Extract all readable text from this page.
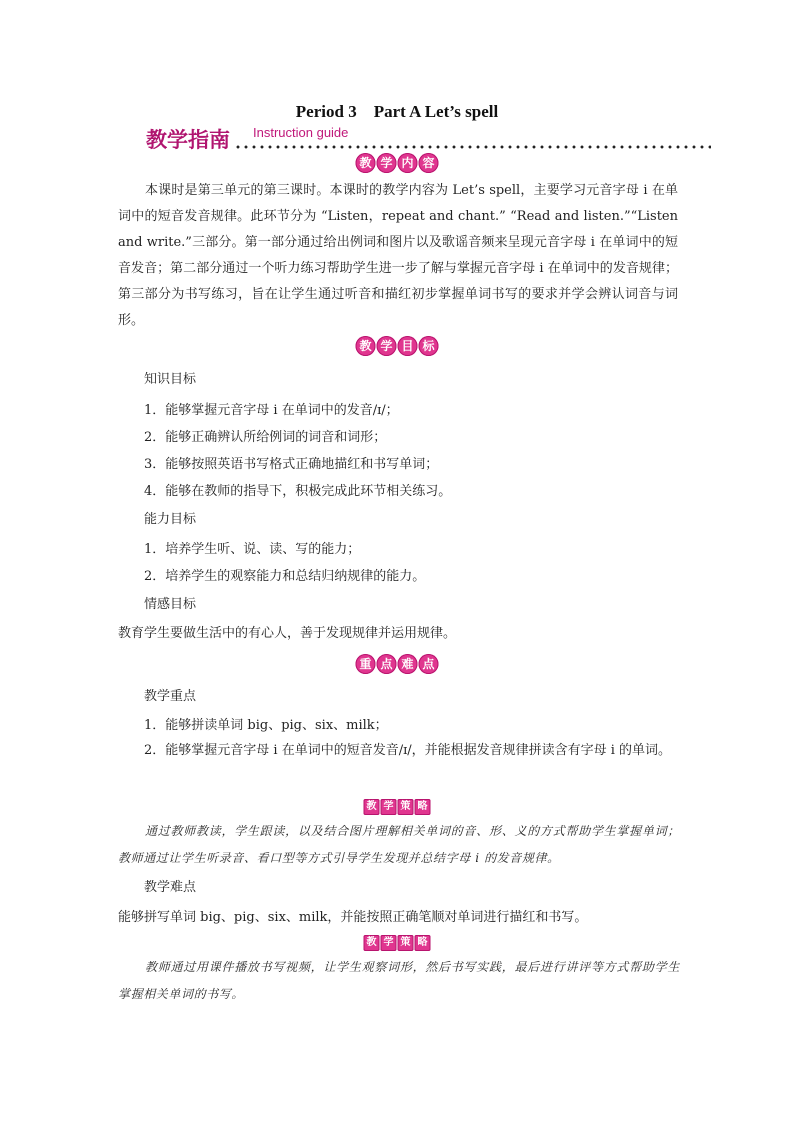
Period 3　Part A Let’s spell
教学指南 Instruction guide
教 学 内 容

本课时是第三单元的第三课时。本课时的教学内容为 Let’s spell，主要学习元音字母 i 在单词中的短音发音规律。此环节分为 “Listen，repeat and chant.” “Read and listen.”“Listen and write.”三部分。第一部分通过给出例词和图片以及歌谣音频来呈现元音字母 i 在单词中的短音发音；第二部分通过一个听力练习帮助学生进一步了解与掌握元音字母 i 在单词中的发音规律；第三部分为书写练习，旨在让学生通过听音和描红初步掌握单词书写的要求并学会辨认词音与词形。

教 学 目 标

知识目标

1．能够掌握元音字母 i 在单词中的发音/ɪ/；

2．能够正确辨认所给例词的词音和词形；

3．能够按照英语书写格式正确地描红和书写单词；

4．能够在教师的指导下，积极完成此环节相关练习。

能力目标

1．培养学生听、说、读、写的能力；

2．培养学生的观察能力和总结归纳规律的能力。

情感目标

教育学生要做生活中的有心人，善于发现规律并运用规律。

重 点 难 点

教学重点

1．能够拼读单词 big、pig、six、milk；

2．能够掌握元音字母 i 在单词中的短音发音/ɪ/，并能根据发音规律拼读含有字母 i 的单词。

教 学 策 略

通过教师教读，学生跟读，以及结合图片理解相关单词的音、形、义的方式帮助学生掌握单词；教师通过让学生听录音、看口型等方式引导学生发现并总结字母 i 的发音规律。

教学难点

能够拼写单词 big、pig、six、milk，并能按照正确笔顺对单词进行描红和书写。

教 学 策 略

教师通过用课件播放书写视频，让学生观察词形，然后书写实践，最后进行讲评等方式帮助学生掌握相关单词的书写。
